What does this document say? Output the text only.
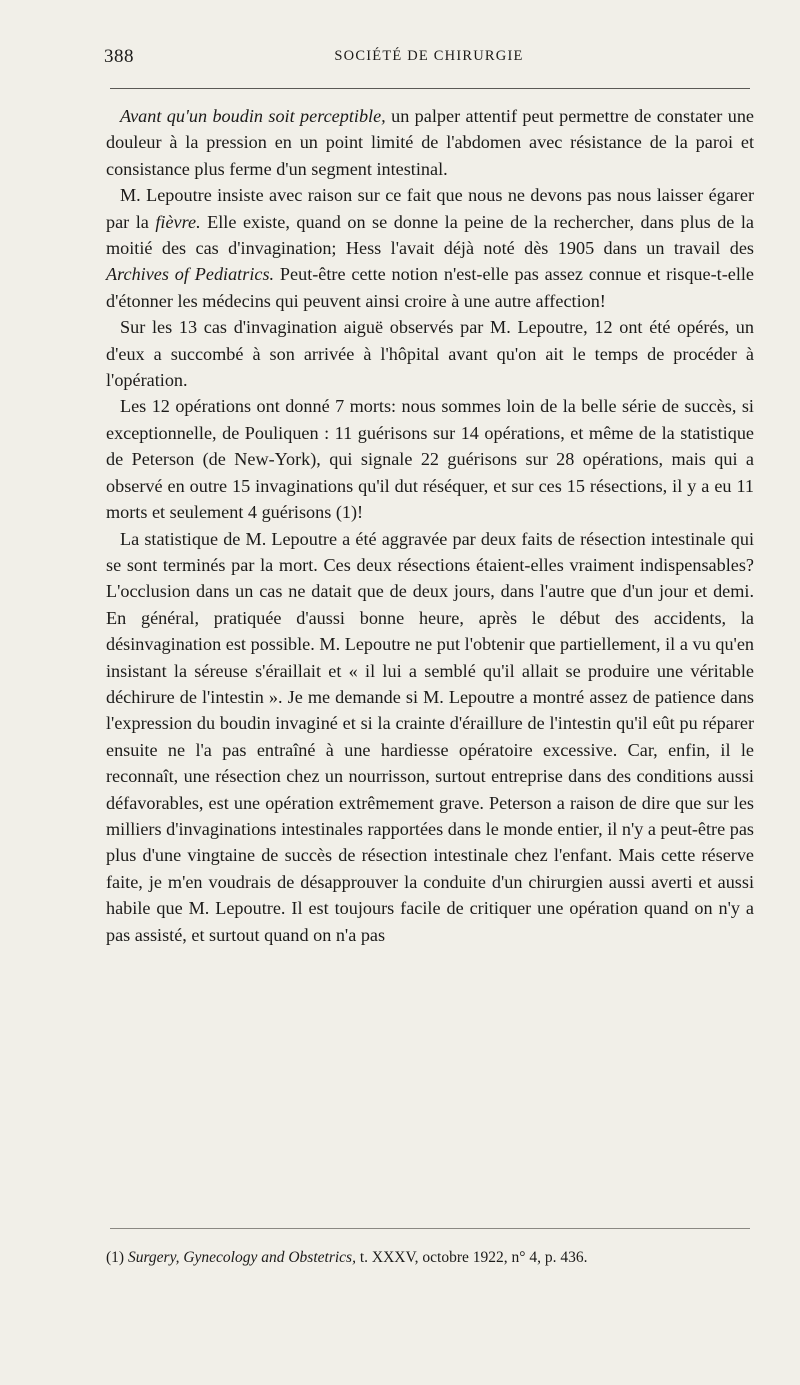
388	SOCIÉTÉ DE CHIRURGIE

Avant qu'un boudin soit perceptible, un palper attentif peut permettre de constater une douleur à la pression en un point limité de l'abdomen avec résistance de la paroi et consistance plus ferme d'un segment intestinal.

M. Lepoutre insiste avec raison sur ce fait que nous ne devons pas nous laisser égarer par la fièvre. Elle existe, quand on se donne la peine de la rechercher, dans plus de la moitié des cas d'invagination; Hess l'avait déjà noté dès 1905 dans un travail des Archives of Pediatrics. Peut-être cette notion n'est-elle pas assez connue et risque-t-elle d'étonner les médecins qui peuvent ainsi croire à une autre affection!

Sur les 13 cas d'invagination aiguë observés par M. Lepoutre, 12 ont été opérés, un d'eux a succombé à son arrivée à l'hôpital avant qu'on ait le temps de procéder à l'opération.

Les 12 opérations ont donné 7 morts: nous sommes loin de la belle série de succès, si exceptionnelle, de Pouliquen : 11 guérisons sur 14 opérations, et même de la statistique de Peterson (de New-York), qui signale 22 guérisons sur 28 opérations, mais qui a observé en outre 15 invaginations qu'il dut réséquer, et sur ces 15 résections, il y a eu 11 morts et seulement 4 guérisons (1)!

La statistique de M. Lepoutre a été aggravée par deux faits de résection intestinale qui se sont terminés par la mort. Ces deux résections étaient-elles vraiment indispensables? L'occlusion dans un cas ne datait que de deux jours, dans l'autre que d'un jour et demi. En général, pratiquée d'aussi bonne heure, après le début des accidents, la désinvagination est possible. M. Lepoutre ne put l'obtenir que partiellement, il a vu qu'en insistant la séreuse s'éraillait et « il lui a semblé qu'il allait se produire une véritable déchirure de l'intestin ». Je me demande si M. Lepoutre a montré assez de patience dans l'expression du boudin invaginé et si la crainte d'éraillure de l'intestin qu'il eût pu réparer ensuite ne l'a pas entraîné à une hardiesse opératoire excessive. Car, enfin, il le reconnaît, une résection chez un nourrisson, surtout entreprise dans des conditions aussi défavorables, est une opération extrêmement grave. Peterson a raison de dire que sur les milliers d'invaginations intestinales rapportées dans le monde entier, il n'y a peut-être pas plus d'une vingtaine de succès de résection intestinale chez l'enfant. Mais cette réserve faite, je m'en voudrais de désapprouver la conduite d'un chirurgien aussi averti et aussi habile que M. Lepoutre. Il est toujours facile de critiquer une opération quand on n'y a pas assisté, et surtout quand on n'a pas

(1) Surgery, Gynecology and Obstetrics, t. XXXV, octobre 1922, n° 4, p. 436.
